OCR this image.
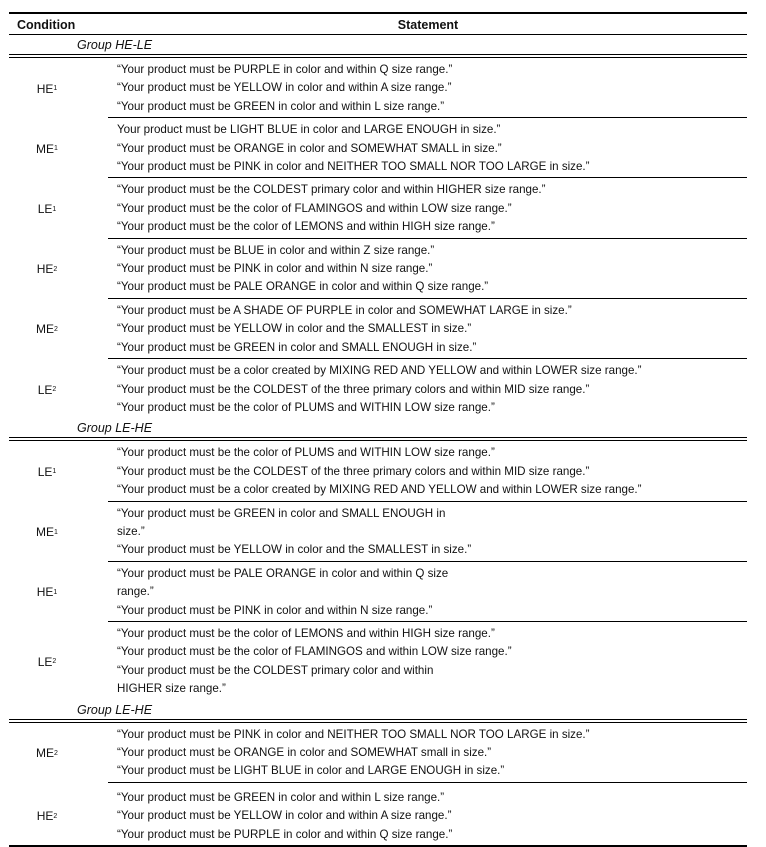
Condition	Statement
Group HE-LE
HE 1
“Your product must be PURPLE in color and within Q size range.”
“Your product must be YELLOW in color and within A size range.”
“Your product must be GREEN in color and within L size range.”
ME 1
Your product must be LIGHT BLUE in color and LARGE ENOUGH in size.”
“Your product must be ORANGE in color and SOMEWHAT SMALL in size.”
“Your product must be PINK in color and NEITHER TOO SMALL NOR TOO LARGE in size.”
LE 1
“Your product must be the COLDEST primary color and within HIGHER size range.”
“Your product must be the color of FLAMINGOS and within LOW size range.”
“Your product must be the color of LEMONS and within HIGH size range.”
HE 2
“Your product must be BLUE in color and within Z size range.”
“Your product must be PINK in color and within N size range.”
“Your product must be PALE ORANGE in color and within Q size range.”
ME 2
“Your product must be A SHADE OF PURPLE in color and SOMEWHAT LARGE in size.”
“Your product must be YELLOW in color and the SMALLEST in size.”
“Your product must be GREEN in color and SMALL ENOUGH in size.”
LE 2
“Your product must be a color created by MIXING RED AND YELLOW and within LOWER size range.”
“Your product must be the COLDEST of the three primary colors and within MID size range.”
“Your product must be the color of PLUMS and WITHIN LOW size range.”
Group LE-HE
LE 1
“Your product must be the color of PLUMS and WITHIN LOW size range.”
“Your product must be the COLDEST of the three primary colors and within MID size range.”
“Your product must be a color created by MIXING RED AND YELLOW and within LOWER size range.”
ME 1
“Your product must be GREEN in color and SMALL ENOUGH in
size.”
“Your product must be YELLOW in color and the SMALLEST in size.”
HE 1
“Your product must be PALE ORANGE in color and within Q size
range.”
“Your product must be PINK in color and within N size range.”
LE 2
“Your product must be the color of LEMONS and within HIGH size range.”
“Your product must be the color of FLAMINGOS and within LOW size range.”
“Your product must be the COLDEST primary color and within
HIGHER size range.”
Group LE-HE
ME 2
“Your product must be PINK in color and NEITHER TOO SMALL NOR TOO LARGE in size.”
“Your product must be ORANGE in color and SOMEWHAT small in size.”
“Your product must be LIGHT BLUE in color and LARGE ENOUGH in size.”
HE 2
“Your product must be GREEN in color and within L size range.”
“Your product must be YELLOW in color and within A size range.”
“Your product must be PURPLE in color and within Q size range.”
